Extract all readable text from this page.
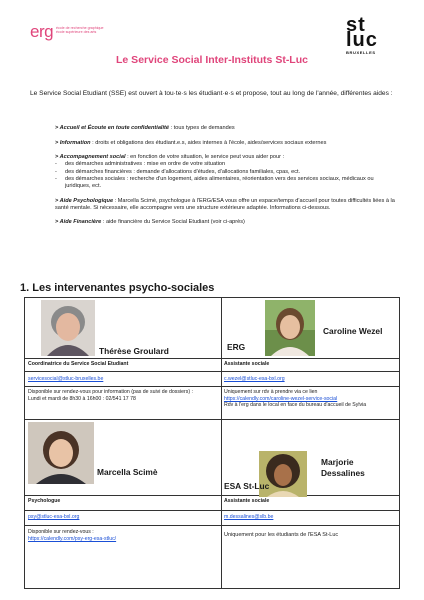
erg école de recherche graphique
école supérieure des arts	st
luc
BRUXELLES
Le Service Social Inter-Instituts St-Luc
Le Service Social Etudiant (SSE) est ouvert à tou·te·s les étudiant·e·s et propose, tout au long de l'année, différentes aides :
> Accueil et Écoute en toute confidentialité : tous types de demandes
> Information : droits et obligations des étudiant.e.s, aides internes à l'école, aides/services sociaux externes
> Accompagnement social : en fonction de votre situation, le service peut vous aider pour :
- des démarches administratives : mise en ordre de votre situation
- des démarches financières : demande d'allocations d'études, d'allocations familiales, cpas, ect.
- des démarches sociales : recherche d'un logement, aides alimentaires, réorientation vers des services sociaux, médicaux ou juridiques, ect.
> Aide Psychologique : Marcella Scimè, psychologue à l'ERG/ESA vous offre un espace/temps d'accueil pour toutes difficultés liées à la santé mentale. Si nécessaire, elle accompagne vers une structure extérieure adaptée. Informations ci-dessous.
> Aide Financière : aide financière du Service Social Etudiant (voir ci-après)
1. Les intervenantes psycho-sociales
Thérèse Groulard
Coordinatrice du Service Social Etudiant
servicesocial@stluc-bruxelles.be
Disponible sur rendez-vous pour information (pas de suivi de dossiers) :
Lundi et mardi de 8h30 à 16h00 : 02/541 17 78
ERG
Caroline Wezel
Assistante sociale
c.wezel@stluc-esa-bxl.org
Uniquement sur rdv à prendre via ce lien
https://calendly.com/caroline-wezel-service-social
Rdv à l'erg dans le local en face du bureau d'accueil de Sylvia
Marcella Scimè
Psychologue
psy@stluc-esa-bxl.org
Disponible sur rendez-vous :
https://calendly.com/psy-erg-esa-stluc/
ESA St-Luc
Marjorie
Dessalines
Assistante sociale
m.dessalines@slb.be
Uniquement pour les étudiants de l'ESA St-Luc
